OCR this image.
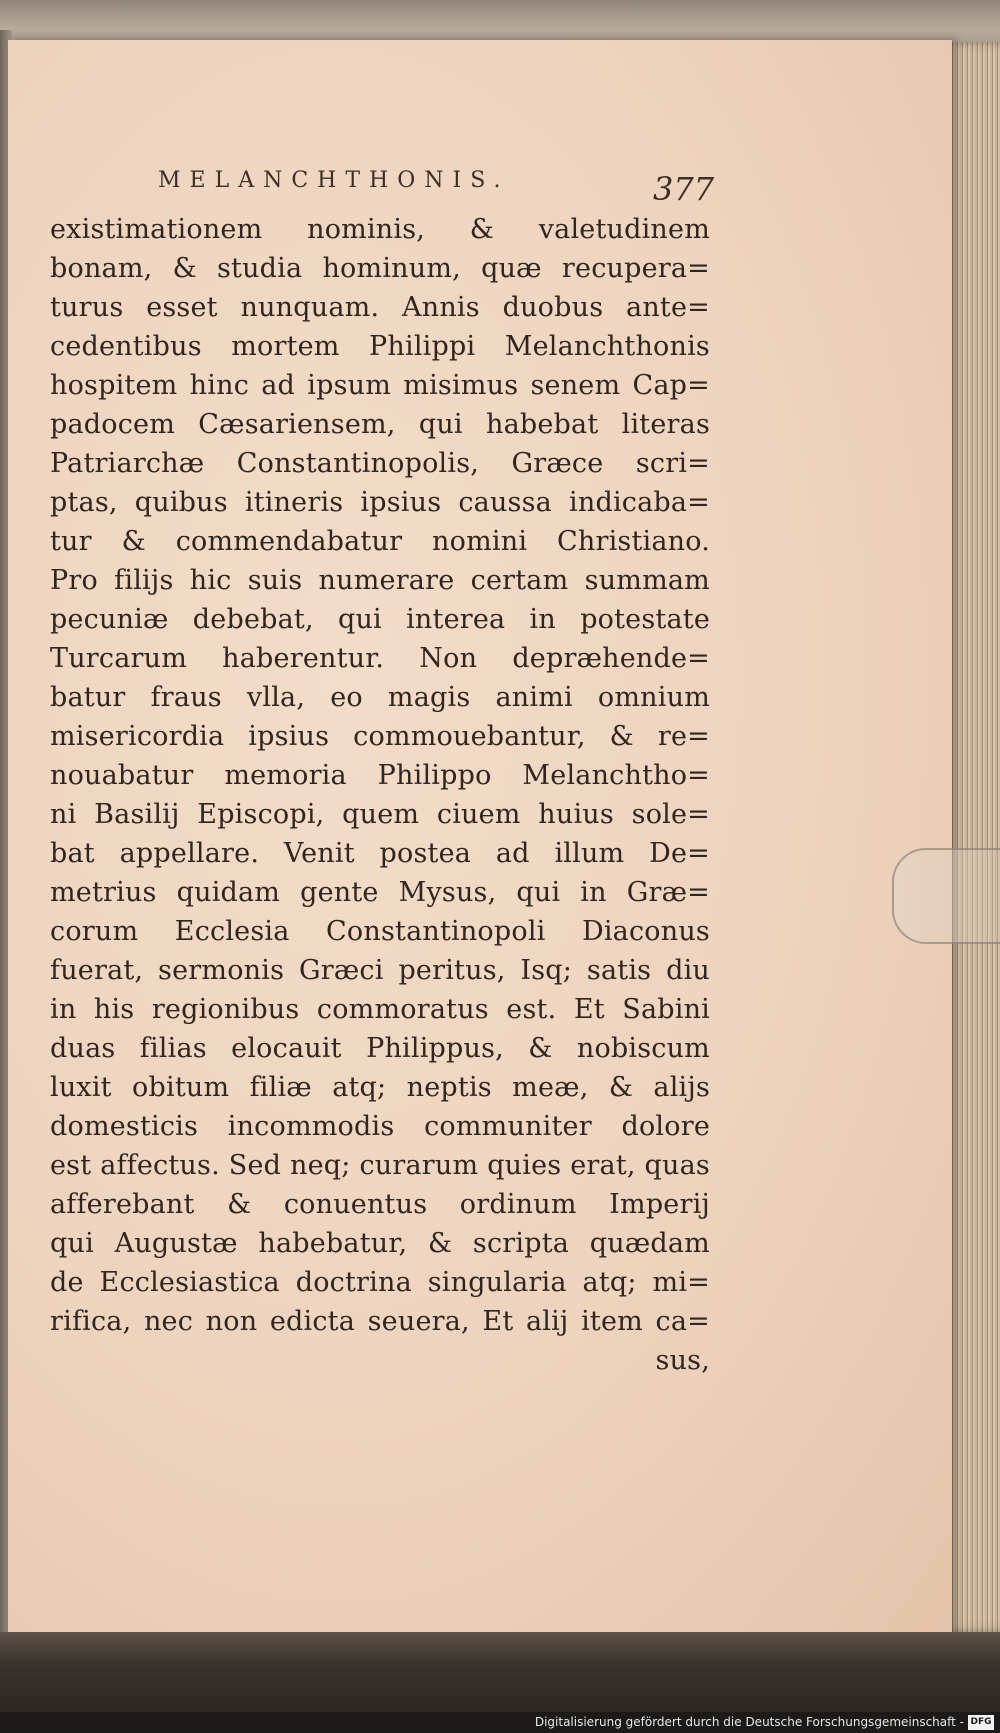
MELANCHTHONIS.	377
existimationem nominis, & valetudinem
bonam, & studia hominum, quæ recupera=
turus esset nunquam. Annis duobus ante=
cedentibus mortem Philippi Melanchthonis
hospitem hinc ad ipsum misimus senem Cap=
padocem Cæsariensem, qui habebat literas
Patriarchæ Constantinopolis, Græce scri=
ptas, quibus itineris ipsius caussa indicaba=
tur & commendabatur nomini Christiano.
Pro filijs hic suis numerare certam summam
pecuniæ debebat, qui interea in potestate
Turcarum haberentur. Non depræhende=
batur fraus vlla, eo magis animi omnium
misericordia ipsius commouebantur, & re=
nouabatur memoria Philippo Melanchtho=
ni Basilij Episcopi, quem ciuem huius sole=
bat appellare. Venit postea ad illum De=
metrius quidam gente Mysus, qui in Græ=
corum Ecclesia Constantinopoli Diaconus
fuerat, sermonis Græci peritus, Isq; satis diu
in his regionibus commoratus est. Et Sabini
duas filias elocauit Philippus, & nobiscum
luxit obitum filiæ atq; neptis meæ, & alijs
domesticis incommodis communiter dolore
est affectus. Sed neq; curarum quies erat, quas
afferebant & conuentus ordinum Imperij
qui Augustæ habebatur, & scripta quædam
de Ecclesiastica doctrina singularia atq; mi=
rifica, nec non edicta seuera, Et alij item ca=
sus,
Digitalisierung gefördert durch die Deutsche Forschungsgemeinschaft - DFG
